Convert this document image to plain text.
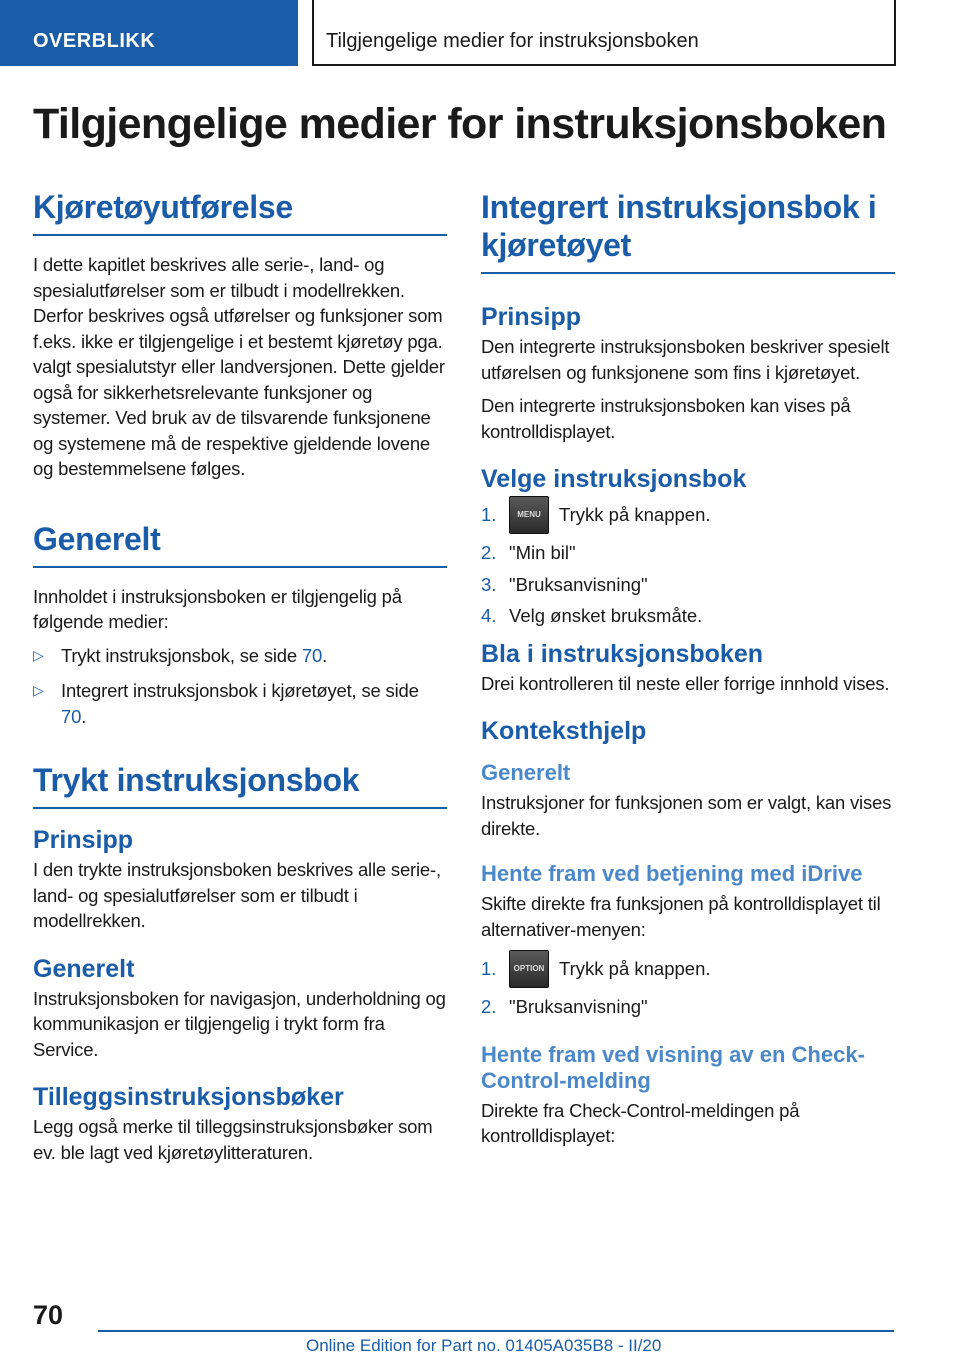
OVERBLIKK	Tilgjengelige medier for instruksjonsboken
Tilgjengelige medier for instruksjonsboken
Kjøretøyutførelse

I dette kapitlet beskrives alle serie-, land- og spesialutførelser som er tilbudt i modellrekken. Derfor beskrives også utførelser og funksjoner som f.eks. ikke er tilgjengelige i et bestemt kjøretøy pga. valgt spesialutstyr eller landversjonen. Dette gjelder også for sikkerhetsrelevante funksjoner og systemer. Ved bruk av de tilsvarende funksjonene og systemene må de respektive gjeldende lovene og bestemmelsene følges.

Generelt

Innholdet i instruksjonsboken er tilgjengelig på følgende medier:

▷ Trykt instruksjonsbok, se side 70.
▷ Integrert instruksjonsbok i kjøretøyet, se side 70.
Trykt instruksjonsbok
Prinsipp

I den trykte instruksjonsboken beskrives alle serie-, land- og spesialutførelser som er tilbudt i modellrekken.

Generelt

Instruksjonsboken for navigasjon, underholdning og kommunikasjon er tilgjengelig i trykt form fra Service.

Tilleggsinstruksjonsbøker

Legg også merke til tilleggsinstruksjonsbøker som ev. ble lagt ved kjøretøylitteraturen.

Integrert instruksjonsbok i kjøretøyet
Prinsipp

Den integrerte instruksjonsboken beskriver spesielt utførelsen og funksjonene som fins i kjøretøyet.

Den integrerte instruksjonsboken kan vises på kontrolldisplayet.

Velge instruksjonsbok
1.	MENU Trykk på knappen.
2. "Min bil"
3. "Bruksanvisning"
4. Velg ønsket bruksmåte.
Bla i instruksjonsboken

Drei kontrolleren til neste eller forrige innhold vises.

Konteksthjelp
Generelt

Instruksjoner for funksjonen som er valgt, kan vises direkte.

Hente fram ved betjening med iDrive

Skifte direkte fra funksjonen på kontrolldisplayet til alternativer-menyen:

1.	OPTION Trykk på knappen.
2. "Bruksanvisning"
Hente fram ved visning av en Check-Control-melding

Direkte fra Check-Control-meldingen på kontrolldisplayet:

70
Online Edition for Part no. 01405A035B8 - II/20
